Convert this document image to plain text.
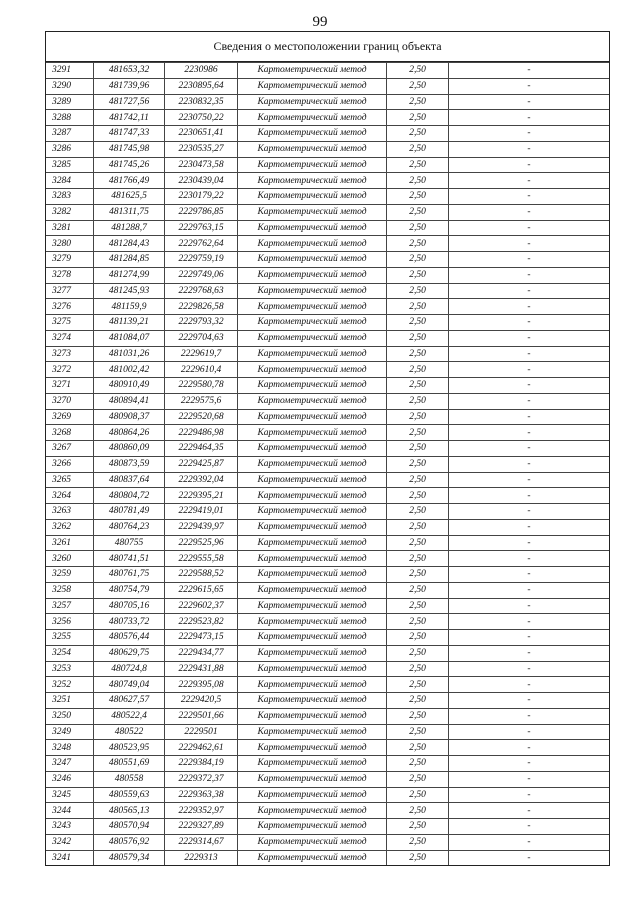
99
Сведения о местоположении границ объекта
3291	481653,32	2230986	Картометрический метод	2,50	-
3290	481739,96	2230895,64	Картометрический метод	2,50	-
3289	481727,56	2230832,35	Картометрический метод	2,50	-
3288	481742,11	2230750,22	Картометрический метод	2,50	-
3287	481747,33	2230651,41	Картометрический метод	2,50	-
3286	481745,98	2230535,27	Картометрический метод	2,50	-
3285	481745,26	2230473,58	Картометрический метод	2,50	-
3284	481766,49	2230439,04	Картометрический метод	2,50	-
3283	481625,5	2230179,22	Картометрический метод	2,50	-
3282	481311,75	2229786,85	Картометрический метод	2,50	-
3281	481288,7	2229763,15	Картометрический метод	2,50	-
3280	481284,43	2229762,64	Картометрический метод	2,50	-
3279	481284,85	2229759,19	Картометрический метод	2,50	-
3278	481274,99	2229749,06	Картометрический метод	2,50	-
3277	481245,93	2229768,63	Картометрический метод	2,50	-
3276	481159,9	2229826,58	Картометрический метод	2,50	-
3275	481139,21	2229793,32	Картометрический метод	2,50	-
3274	481084,07	2229704,63	Картометрический метод	2,50	-
3273	481031,26	2229619,7	Картометрический метод	2,50	-
3272	481002,42	2229610,4	Картометрический метод	2,50	-
3271	480910,49	2229580,78	Картометрический метод	2,50	-
3270	480894,41	2229575,6	Картометрический метод	2,50	-
3269	480908,37	2229520,68	Картометрический метод	2,50	-
3268	480864,26	2229486,98	Картометрический метод	2,50	-
3267	480860,09	2229464,35	Картометрический метод	2,50	-
3266	480873,59	2229425,87	Картометрический метод	2,50	-
3265	480837,64	2229392,04	Картометрический метод	2,50	-
3264	480804,72	2229395,21	Картометрический метод	2,50	-
3263	480781,49	2229419,01	Картометрический метод	2,50	-
3262	480764,23	2229439,97	Картометрический метод	2,50	-
3261	480755	2229525,96	Картометрический метод	2,50	-
3260	480741,51	2229555,58	Картометрический метод	2,50	-
3259	480761,75	2229588,52	Картометрический метод	2,50	-
3258	480754,79	2229615,65	Картометрический метод	2,50	-
3257	480705,16	2229602,37	Картометрический метод	2,50	-
3256	480733,72	2229523,82	Картометрический метод	2,50	-
3255	480576,44	2229473,15	Картометрический метод	2,50	-
3254	480629,75	2229434,77	Картометрический метод	2,50	-
3253	480724,8	2229431,88	Картометрический метод	2,50	-
3252	480749,04	2229395,08	Картометрический метод	2,50	-
3251	480627,57	2229420,5	Картометрический метод	2,50	-
3250	480522,4	2229501,66	Картометрический метод	2,50	-
3249	480522	2229501	Картометрический метод	2,50	-
3248	480523,95	2229462,61	Картометрический метод	2,50	-
3247	480551,69	2229384,19	Картометрический метод	2,50	-
3246	480558	2229372,37	Картометрический метод	2,50	-
3245	480559,63	2229363,38	Картометрический метод	2,50	-
3244	480565,13	2229352,97	Картометрический метод	2,50	-
3243	480570,94	2229327,89	Картометрический метод	2,50	-
3242	480576,92	2229314,67	Картометрический метод	2,50	-
3241	480579,34	2229313	Картометрический метод	2,50	-
